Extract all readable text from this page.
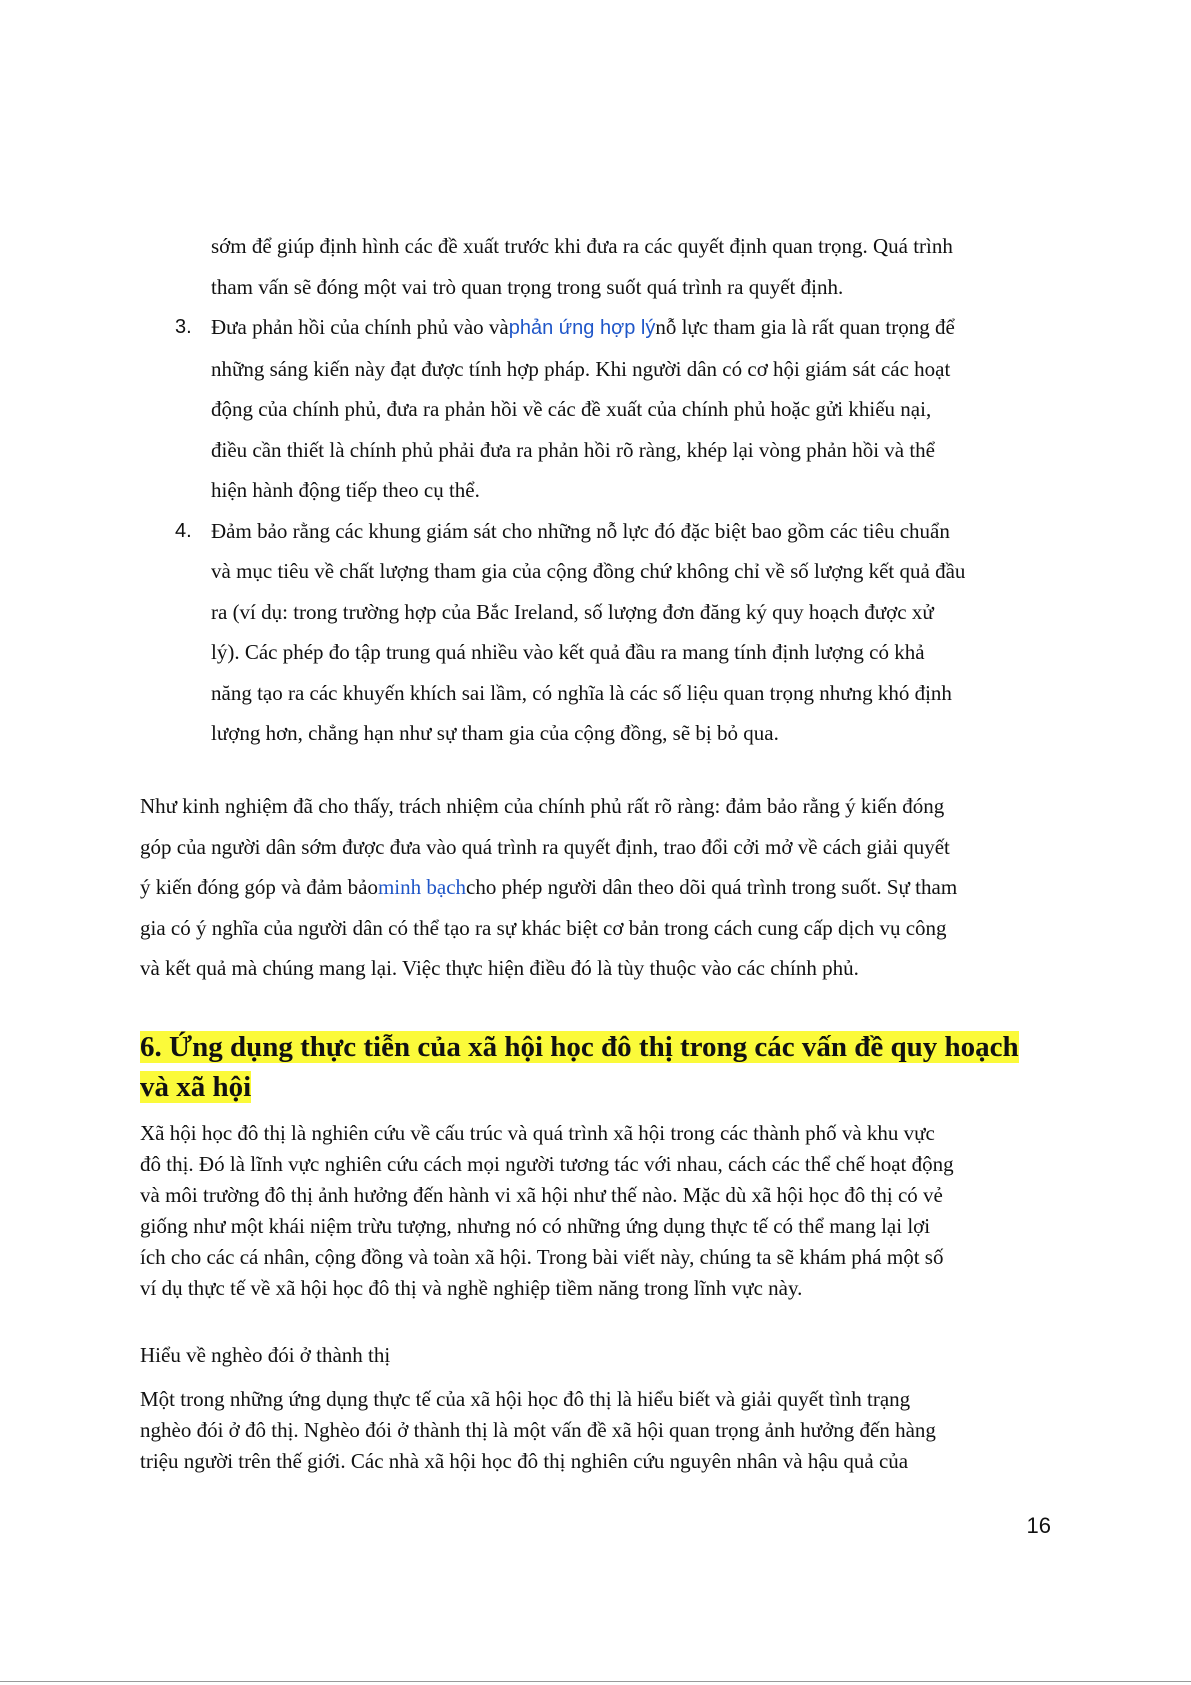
sớm để giúp định hình các đề xuất trước khi đưa ra các quyết định quan trọng. Quá trình
tham vấn sẽ đóng một vai trò quan trọng trong suốt quá trình ra quyết định.
3. Đưa phản hồi của chính phủ vào vàphản ứng hợp lýnỗ lực tham gia là rất quan trọng để
những sáng kiến này đạt được tính hợp pháp. Khi người dân có cơ hội giám sát các hoạt
động của chính phủ, đưa ra phản hồi về các đề xuất của chính phủ hoặc gửi khiếu nại,
điều cần thiết là chính phủ phải đưa ra phản hồi rõ ràng, khép lại vòng phản hồi và thể
hiện hành động tiếp theo cụ thể.
4. Đảm bảo rằng các khung giám sát cho những nỗ lực đó đặc biệt bao gồm các tiêu chuẩn
và mục tiêu về chất lượng tham gia của cộng đồng chứ không chỉ về số lượng kết quả đầu
ra (ví dụ: trong trường hợp của Bắc Ireland, số lượng đơn đăng ký quy hoạch được xử
lý). Các phép đo tập trung quá nhiều vào kết quả đầu ra mang tính định lượng có khả
năng tạo ra các khuyến khích sai lầm, có nghĩa là các số liệu quan trọng nhưng khó định
lượng hơn, chẳng hạn như sự tham gia của cộng đồng, sẽ bị bỏ qua.
Như kinh nghiệm đã cho thấy, trách nhiệm của chính phủ rất rõ ràng: đảm bảo rằng ý kiến đóng
góp của người dân sớm được đưa vào quá trình ra quyết định, trao đổi cởi mở về cách giải quyết
ý kiến đóng góp và đảm bảominh bạchcho phép người dân theo dõi quá trình trong suốt. Sự tham
gia có ý nghĩa của người dân có thể tạo ra sự khác biệt cơ bản trong cách cung cấp dịch vụ công
và kết quả mà chúng mang lại. Việc thực hiện điều đó là tùy thuộc vào các chính phủ.
6. Ứng dụng thực tiễn của xã hội học đô thị trong các vấn đề quy hoạch
và xã hội
Xã hội học đô thị là nghiên cứu về cấu trúc và quá trình xã hội trong các thành phố và khu vực
đô thị. Đó là lĩnh vực nghiên cứu cách mọi người tương tác với nhau, cách các thể chế hoạt động
và môi trường đô thị ảnh hưởng đến hành vi xã hội như thế nào. Mặc dù xã hội học đô thị có vẻ
giống như một khái niệm trừu tượng, nhưng nó có những ứng dụng thực tế có thể mang lại lợi
ích cho các cá nhân, cộng đồng và toàn xã hội. Trong bài viết này, chúng ta sẽ khám phá một số
ví dụ thực tế về xã hội học đô thị và nghề nghiệp tiềm năng trong lĩnh vực này.
Hiểu về nghèo đói ở thành thị
Một trong những ứng dụng thực tế của xã hội học đô thị là hiểu biết và giải quyết tình trạng
nghèo đói ở đô thị. Nghèo đói ở thành thị là một vấn đề xã hội quan trọng ảnh hưởng đến hàng
triệu người trên thế giới. Các nhà xã hội học đô thị nghiên cứu nguyên nhân và hậu quả của
16
